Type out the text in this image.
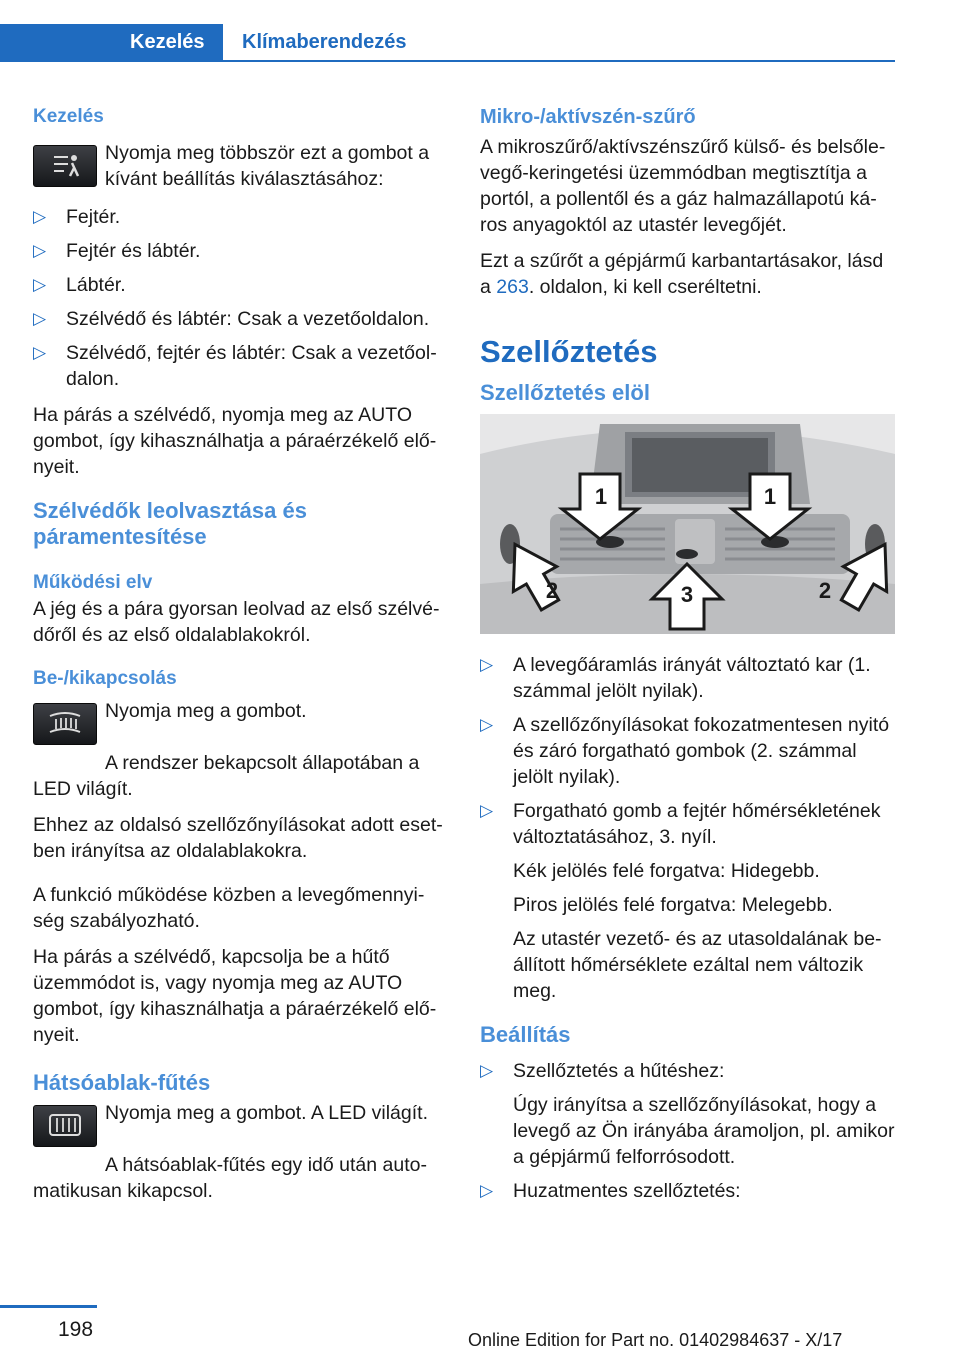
Kezelés	Klímaberendezés
Kezelés

Nyomja meg többször ezt a gombot a kívánt beállítás kiválasztásához:

▷ Fejtér.
▷ Fejtér és lábtér.
▷ Lábtér.
▷ Szélvédő és lábtér: Csak a vezetőoldalon.
▷ Szélvédő, fejtér és lábtér: Csak a vezetőoldalon.

Ha párás a szélvédő, nyomja meg az AUTO gombot, így kihasználhatja a páraérzékelő előnyeit.

Szélvédők leolvasztása és páramentesítése
Működési elv

A jég és a pára gyorsan leolvad az első szélvédőről és az első oldalablakokról.

Be-/kikapcsolás

Nyomja meg a gombot.

A rendszer bekapcsolt állapotában a LED világít.

Ehhez az oldalsó szellőzőnyílásokat adott esetben irányítsa az oldalablakokra.

A funkció működése közben a levegőmennyiség szabályozható.

Ha párás a szélvédő, kapcsolja be a hűtő üzemmódot is, vagy nyomja meg az AUTO gombot, így kihasználhatja a páraérzékelő előnyeit.

Hátsóablak-fűtés

Nyomja meg a gombot. A LED világít.

A hátsóablak-fűtés egy idő után automatikusan kikapcsol.

Mikro-/aktívszén-szűrő

A mikroszűrő/aktívszénszűrő külső- és belsőlevegő-keringetési üzemmódban megtisztítja a portól, a pollentől és a gáz halmazállapotú káros anyagoktól az utastér levegőjét.

Ezt a szűrőt a gépjármű karbantartásakor, lásd a 263. oldalon, ki kell cseréltetni.

Szellőztetés
Szellőztetés elöl
1	1
2	3	2
▷ A levegőáramlás irányát változtató kar (1. számmal jelölt nyilak).
▷ A szellőzőnyílásokat fokozatmentesen nyitó és záró forgatható gombok (2. számmal jelölt nyilak).
▷ Forgatható gomb a fejtér hőmérsékletének változtatásához, 3. nyíl.
Kék jelölés felé forgatva: Hidegebb.
Piros jelölés felé forgatva: Melegebb.
Az utastér vezető- és az utasoldalának beállított hőmérséklete ezáltal nem változik meg.
Beállítás
▷ Szellőztetés a hűtéshez:
Úgy irányítsa a szellőzőnyílásokat, hogy a levegő az Ön irányába áramoljon, pl. amikor a gépjármű felforrósodott.
▷ Huzatmentes szellőztetés:
198	Online Edition for Part no. 01402984637 - X/17
